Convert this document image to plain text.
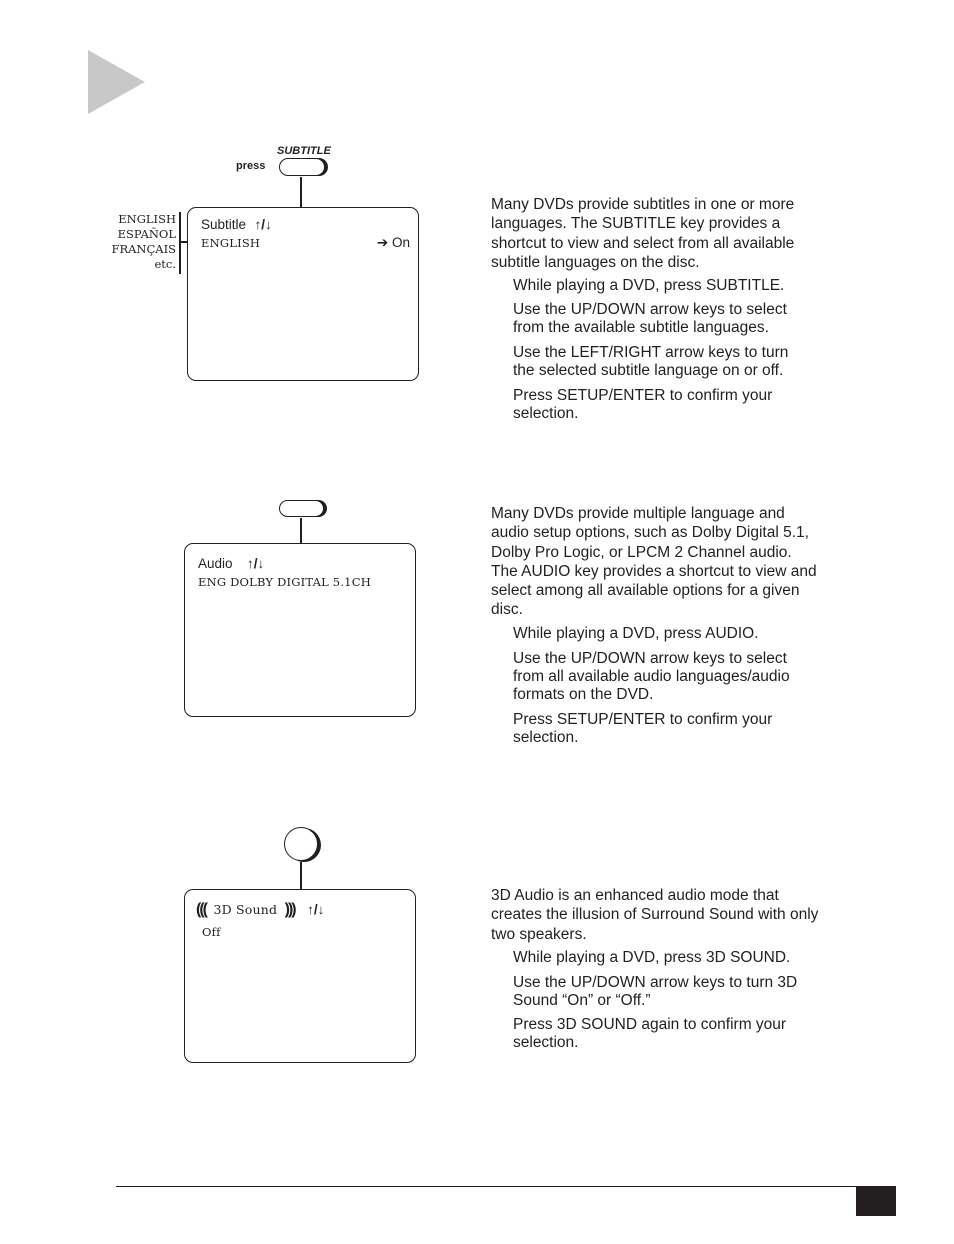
SUBTITLE
press
ENGLISH
ESPAÑOL
FRANÇAIS
etc.
Subtitle ↑/↓
ENGLISH	➔ On
Many DVDs provide subtitles in one or more languages. The SUBTITLE key provides a shortcut to view and select from all available subtitle languages on the disc.
While playing a DVD, press SUBTITLE.
Use the UP/DOWN arrow keys to select from the available subtitle languages.
Use the LEFT/RIGHT arrow keys to turn the selected subtitle language on or off.
Press SETUP/ENTER to confirm your selection.
Audio ↑/↓
ENG DOLBY DIGITAL 5.1CH
Many DVDs provide multiple language and audio setup options, such as Dolby Digital 5.1, Dolby Pro Logic, or LPCM 2 Channel audio. The AUDIO key provides a shortcut to view and select among all available options for a given disc.
While playing a DVD, press AUDIO.
Use the UP/DOWN arrow keys to select from all available audio languages/audio formats on the DVD.
Press SETUP/ENTER to confirm your selection.
((( 3D Sound ))) ↑/↓
Off
3D Audio is an enhanced audio mode that creates the illusion of Surround Sound with only two speakers.
While playing a DVD, press 3D SOUND.
Use the UP/DOWN arrow keys to turn 3D Sound “On” or “Off.”
Press 3D SOUND again to confirm your selection.
